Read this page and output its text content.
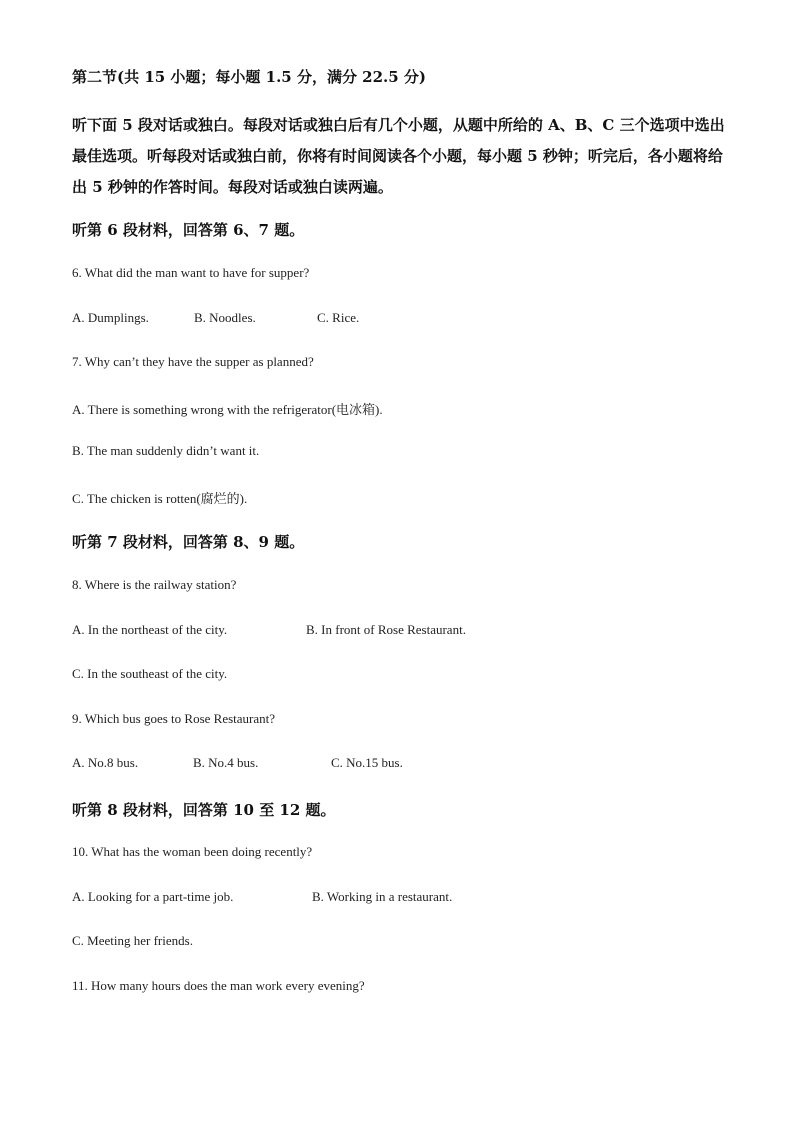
第二节(共 15 小题；每小题 1.5 分，满分 22.5 分)

听下面 5 段对话或独白。每段对话或独白后有几个小题，从题中所给的 A、B、C 三个选项中选出最佳选项。听每段对话或独白前，你将有时间阅读各个小题，每小题 5 秒钟；听完后，各小题将给出 5 秒钟的作答时间。每段对话或独白读两遍。

听第 6 段材料，回答第 6、7 题。
6. What did the man want to have for supper?
A. Dumplings.	B. Noodles.	C. Rice.
7. Why can’t they have the supper as planned?
A. There is something wrong with the refrigerator(电冰箱).
B. The man suddenly didn’t want it.
C. The chicken is rotten(腐烂的).
听第 7 段材料，回答第 8、9 题。
8. Where is the railway station?
A. In the northeast of the city.	B. In front of Rose Restaurant.
C. In the southeast of the city.
9. Which bus goes to Rose Restaurant?
A. No.8 bus.	B. No.4 bus.	C. No.15 bus.
听第 8 段材料，回答第 10 至 12 题。
10. What has the woman been doing recently?
A. Looking for a part-time job.	B. Working in a restaurant.
C. Meeting her friends.
11. How many hours does the man work every evening?
